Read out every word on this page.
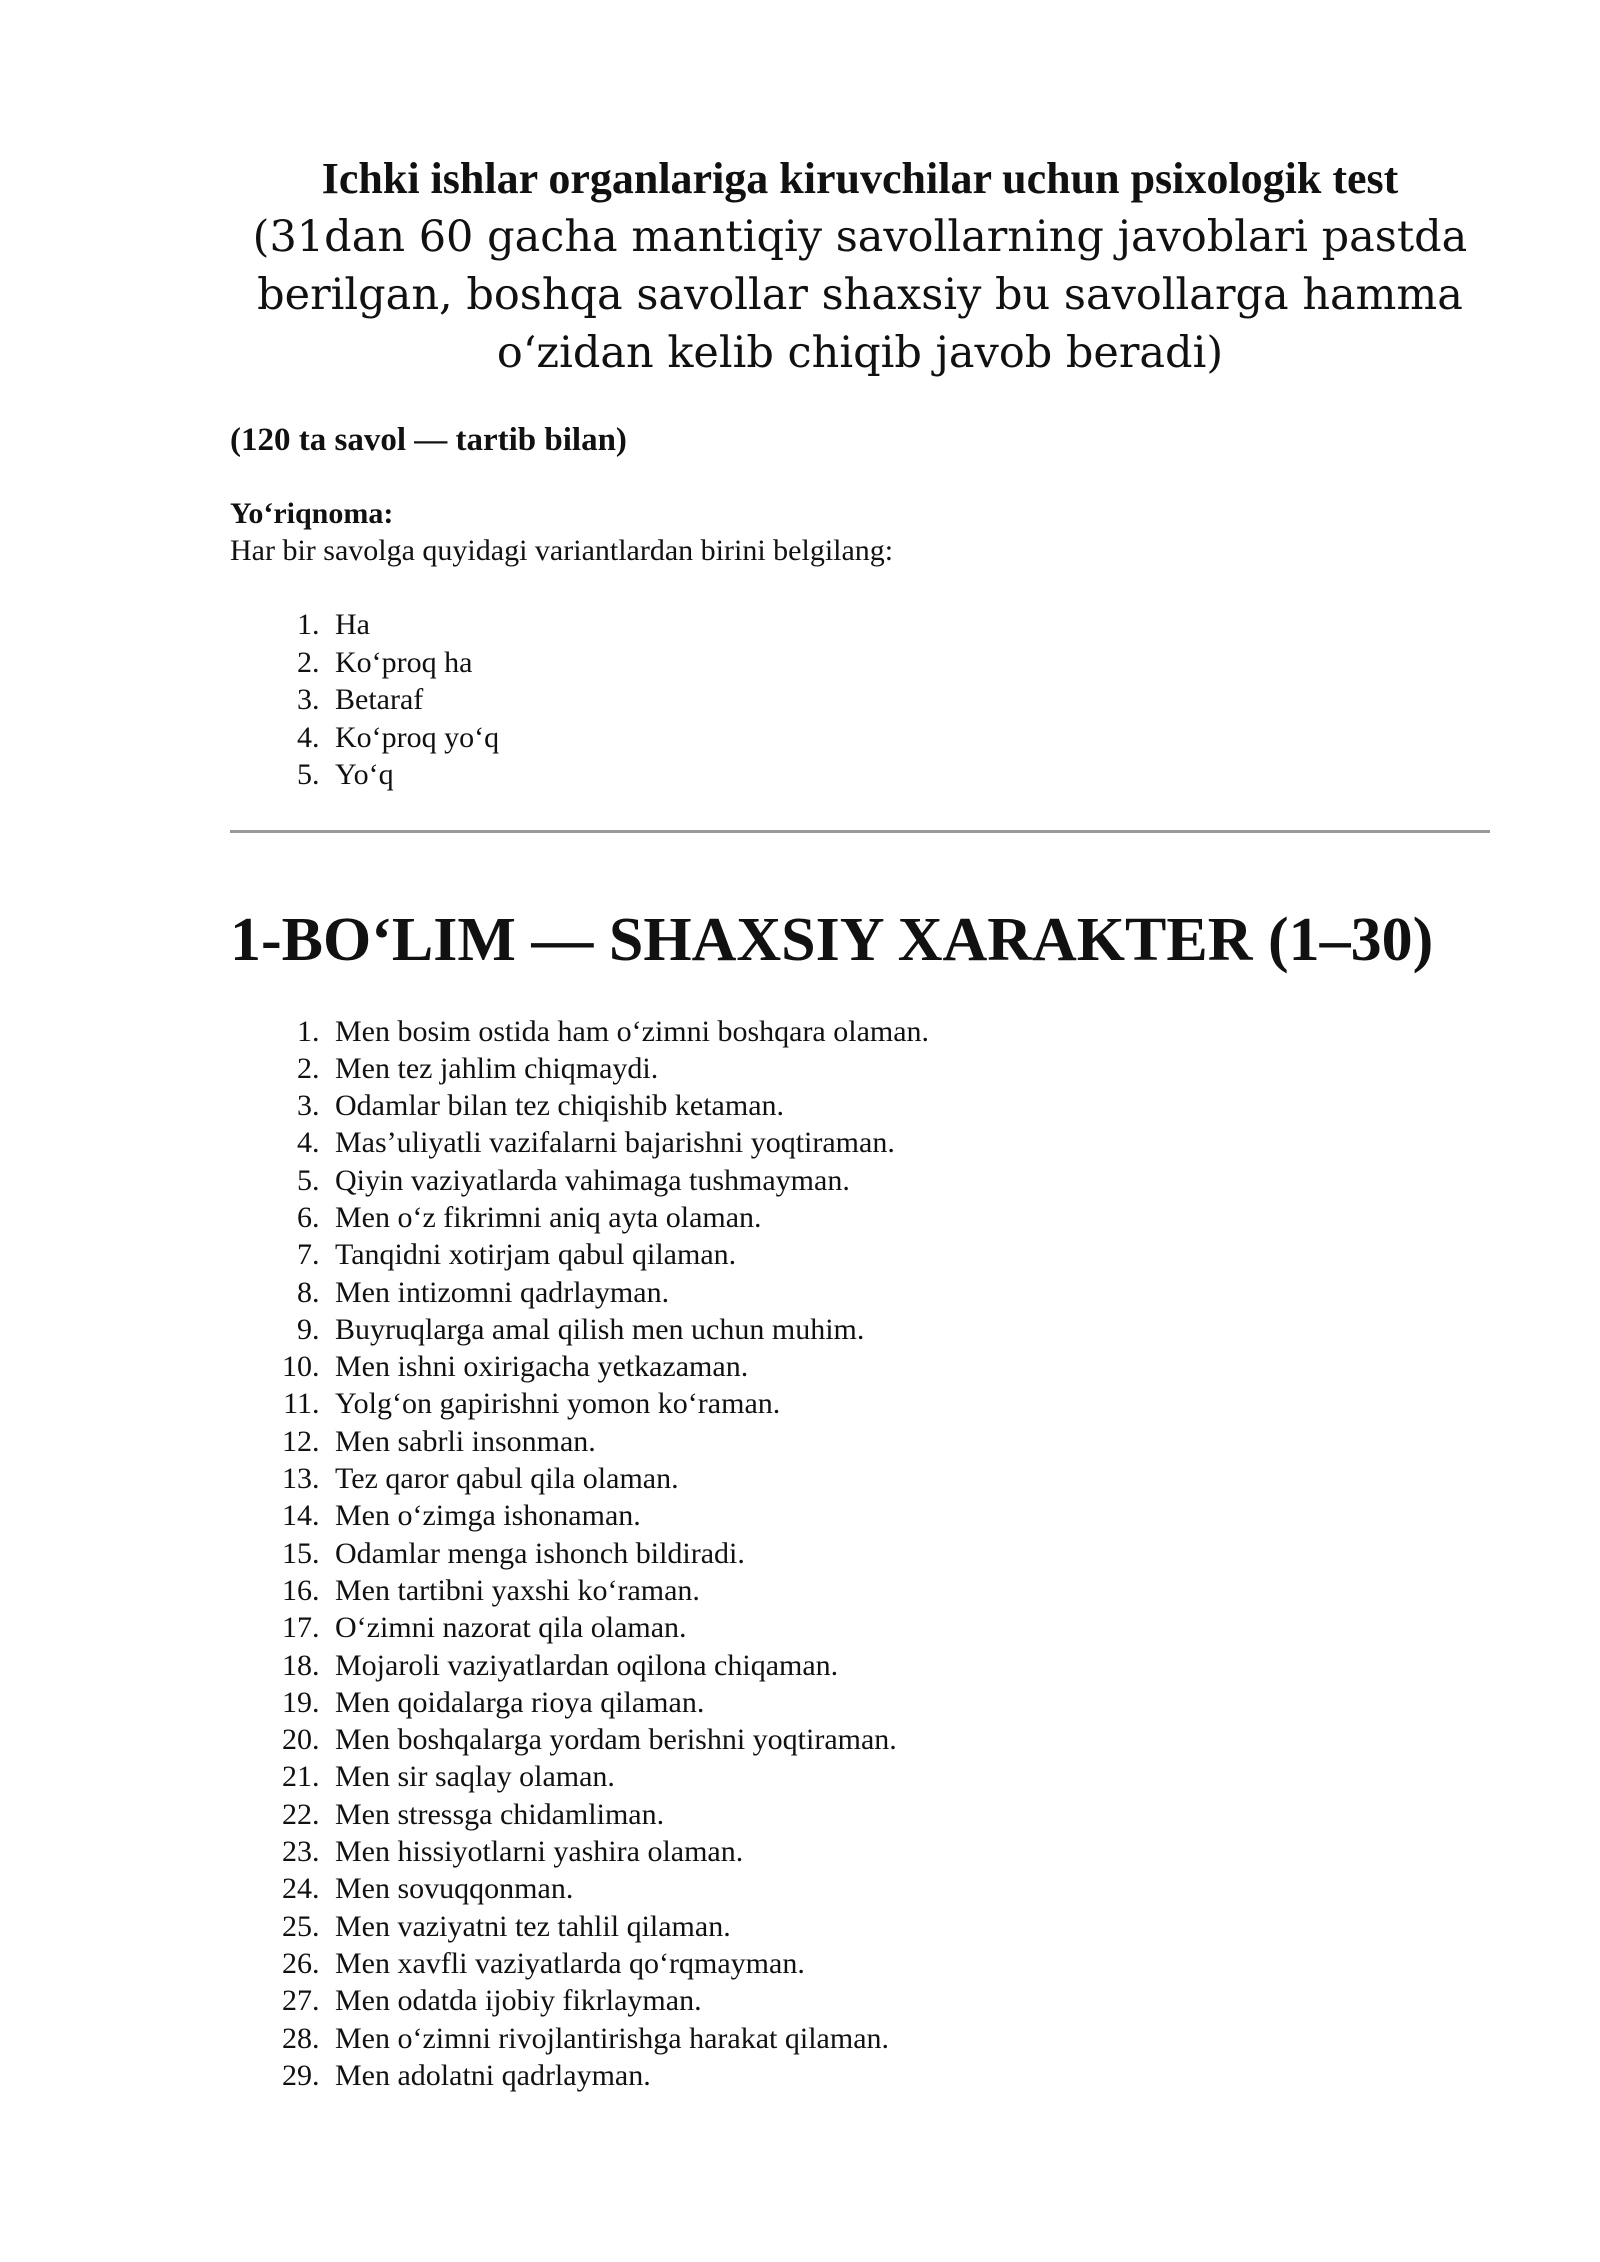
Ichki ishlar organlariga kiruvchilar uchun psixologik test

(31dan 60 gacha mantiqiy savollarning javoblari pastda berilgan, boshqa savollar shaxsiy bu savollarga hamma o‘zidan kelib chiqib javob beradi)

(120 ta savol — tartib bilan)
Yo‘riqnoma:
Har bir savolga quyidagi variantlardan birini belgilang:
1. Ha
2. Ko‘proq ha
3. Betaraf
4. Ko‘proq yo‘q
5. Yo‘q
1-BO‘LIM — SHAXSIY XARAKTER (1–30)
1. Men bosim ostida ham o‘zimni boshqara olaman.
2. Men tez jahlim chiqmaydi.
3. Odamlar bilan tez chiqishib ketaman.
4. Mas’uliyatli vazifalarni bajarishni yoqtiraman.
5. Qiyin vaziyatlarda vahimaga tushmayman.
6. Men o‘z fikrimni aniq ayta olaman.
7. Tanqidni xotirjam qabul qilaman.
8. Men intizomni qadrlayman.
9. Buyruqlarga amal qilish men uchun muhim.
10. Men ishni oxirigacha yetkazaman.
11. Yolg‘on gapirishni yomon ko‘raman.
12. Men sabrli insonman.
13. Tez qaror qabul qila olaman.
14. Men o‘zimga ishonaman.
15. Odamlar menga ishonch bildiradi.
16. Men tartibni yaxshi ko‘raman.
17. O‘zimni nazorat qila olaman.
18. Mojaroli vaziyatlardan oqilona chiqaman.
19. Men qoidalarga rioya qilaman.
20. Men boshqalarga yordam berishni yoqtiraman.
21. Men sir saqlay olaman.
22. Men stressga chidamliman.
23. Men hissiyotlarni yashira olaman.
24. Men sovuqqonman.
25. Men vaziyatni tez tahlil qilaman.
26. Men xavfli vaziyatlarda qo‘rqmayman.
27. Men odatda ijobiy fikrlayman.
28. Men o‘zimni rivojlantirishga harakat qilaman.
29. Men adolatni qadrlayman.
